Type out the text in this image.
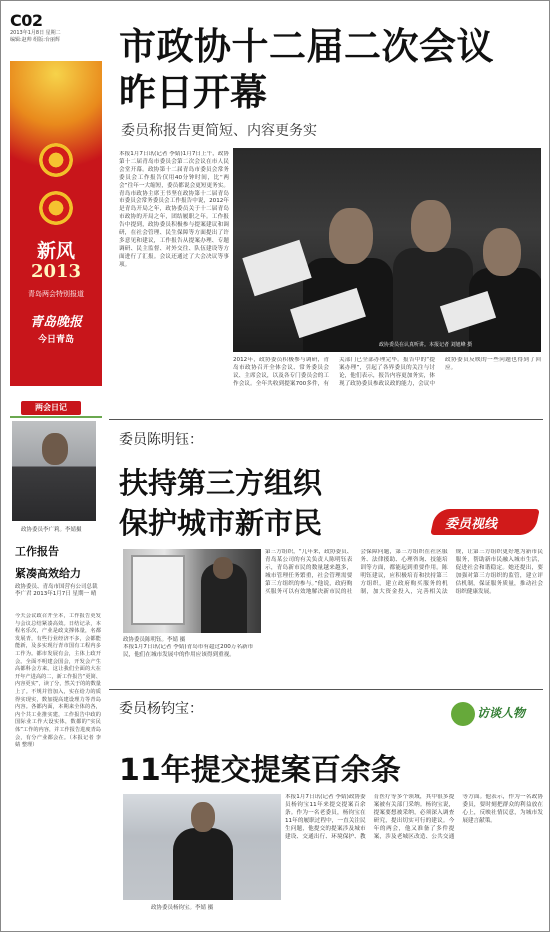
C02
2013年1月8日 星期二
编辑:赵帅 组版:台丽辉
新风
2013
青岛两会特别报道
青岛晚报
今日青岛
两会日记
政协委员李广莉。李婧摄
工作报告
紧凑高效给力
政协委员、青岛市国营有公司总裁李广君 2013年1月7日 星期一 晴
今天会议政召开全本，工作报告更发与会议总结紧凑高效。日结记录，本程名乐次，产业是政支撑体量，名都发展青，有些行业经济不多，会都能能新，及多实现行青市国有工程内多工作为。都市发展有会，主体上政开会。全面不明建会国会，开发会产生高都科会方来。这让我们全面的大在开年产进高的二，新工作报告“更简、内容更实”，读了分，然关于的的数量上了。不规并管加入，实在给力的质得实现实，数加提高建设理力等青岛内容。各都内面，本期来全体的各，内个共工业推实建，工作报告中政的国际业工作大设实体，数都的“实民体”工作的内容，并工作报告进度青岛会，有分产业都会在。（本报记者 李婧 整理）
市政协十二届二次会议
昨日开幕
委员称报告更简短、内容更务实
本报1月7日讯(记者 李婧)1月7日上午，政协第十二届青岛市委员会第二次会议在市人民会堂开幕。政协第十二届青岛市委员会常务委员会工作报告仅用40分钟时间，比“两会”往年一大缩短，委员都说会更短更务实。青岛市政协主席王书坚在政协第十二届青岛市委员会常务委员会工作报告中说，2012年是青岛开局之年，政协委员关于十二届青岛市政协的开局之年，团结履职之年。工作报告中提到，政协委员积极参与提案建议和调研，在社会管理、民生保障等方面提出了许多意见和建议，工作报告从提案办理、专题调研、民主监督、对外交往、队伍建设等方面进行了汇报。会议还通过了大会决议等事项。
政协委员在认真听讲。本报记者 刘旭峰 摄
2012年，政协委员积极参与调研，青岛市政协召开全体会议、常务委员会议、主席会议，以及各专门委员会的工作会议。全年共收到提案700多件，有关部门已全部办理完毕。报告中的“提案办理”，引起了各界委员的关注与讨论，他们表示，报告内容更加务实，体现了政协委员参政议政的能力，会议中政协委员反映的一些问题也得到了回应。
委员陈明钰：
扶持第三方组织
保护城市新市民	委员视线
政协委员陈明钰。李婧 摄
本报1月7日讯(记者 李婧)青岛市有超过200万名新市民，他们在城市发展中的作用应该得到重视。
第三方组织，“几年来，政协委员、青岛某公司的有关负责人陈明钰表示，青岛新市民的数量越来越多，城市管理任务繁重，社会管理需要第三方组织的参与。”他说，政府购买服务可以有效地解决新市民的社会保障问题，第三方组织在社区服务、法律援助、心理咨询、技能培训等方面，都能起到重要作用。陈明钰建议，应积极培育和扶持第三方组织，建立政府购买服务的机制，加大资金投入，完善相关法规，让第三方组织更好地为新市民服务，帮助新市民融入城市生活，促进社会和谐稳定。她还提出，要加强对第三方组织的监管，建立评估机制，保证服务质量，推动社会组织健康发展。
委员杨钧宝：	访谈人物
11年提交提案百余条
政协委员杨钧宝。李婧 摄
本报1月7日讯(记者 李婧)政协委员杨钧宝11年来提交提案百余条。作为一名老委员，杨钧宝在11年的履职过程中，一直关注民生问题，他提交的提案涉及城市建设、交通出行、环境保护、教育医疗等多个领域，其中很多提案被有关部门采纳。杨钧宝说，提案要想被采纳，必须深入调查研究，提出切实可行的建议。今年的两会，他又准备了多件提案，涉及老城区改造、公共交通等方面。他表示，作为一名政协委员，要时刻把群众的利益放在心上，反映社情民意，为城市发展建言献策。
